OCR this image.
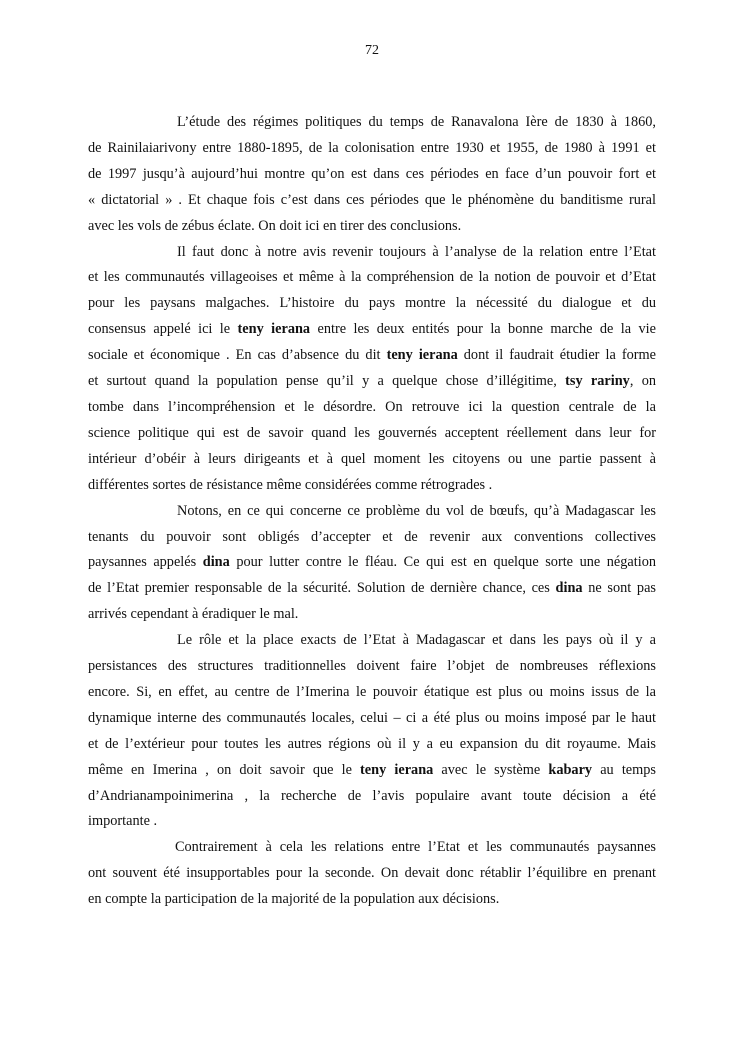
72

L’étude des régimes politiques du temps de Ranavalona Ière de 1830 à 1860,
de Rainilaiarivony entre 1880-1895, de la colonisation entre 1930 et 1955, de 1980 à 1991 et
de 1997 jusqu’à aujourd’hui montre qu’on est dans ces périodes en face d’un pouvoir fort et
« dictatorial » . Et chaque fois c’est dans ces périodes que le phénomène du banditisme rural
avec les vols de zébus éclate. On doit ici en tirer des conclusions.

Il faut donc à notre avis revenir toujours à l’analyse de la relation entre l’Etat
et les communautés villageoises et même à la compréhension de la notion de pouvoir et d’Etat
pour les paysans malgaches. L’histoire du pays montre la nécessité du dialogue et du
consensus appelé ici le teny ierana entre les deux entités pour la bonne marche de la vie
sociale et économique . En cas d’absence du dit teny ierana dont il faudrait étudier la forme
et surtout quand la population pense qu’il y a quelque chose d’illégitime, tsy rariny, on
tombe dans l’incompréhension et le désordre. On retrouve ici la question centrale de la
science politique qui est de savoir quand les gouvernés acceptent réellement dans leur for
intérieur d’obéir à leurs dirigeants et à quel moment les citoyens ou une partie passent à
différentes sortes de résistance même considérées comme rétrogrades .

Notons, en ce qui concerne ce problème du vol de bœufs, qu’à Madagascar les
tenants du pouvoir sont obligés d’accepter et de revenir aux conventions collectives
paysannes appelés dina pour lutter contre le fléau. Ce qui est en quelque sorte une négation
de l’Etat premier responsable de la sécurité. Solution de dernière chance, ces dina ne sont pas
arrivés cependant à éradiquer le mal.

Le rôle et la place exacts de l’Etat à Madagascar et dans les pays où il y a
persistances des structures traditionnelles doivent faire l’objet de nombreuses réflexions
encore. Si, en effet, au centre de l’Imerina le pouvoir étatique est plus ou moins issus de la
dynamique interne des communautés locales, celui – ci a été plus ou moins imposé par le haut
et de l’extérieur pour toutes les autres régions où il y a eu expansion du dit royaume. Mais
même en Imerina , on doit savoir que le teny ierana avec le système kabary au temps
d’Andrianampoinimerina , la recherche de l’avis populaire avant toute décision a été
importante .

Contrairement à cela les relations entre l’Etat et les communautés paysannes
ont souvent été insupportables pour la seconde. On devait donc rétablir l’équilibre en prenant
en compte la participation de la majorité de la population aux décisions.
